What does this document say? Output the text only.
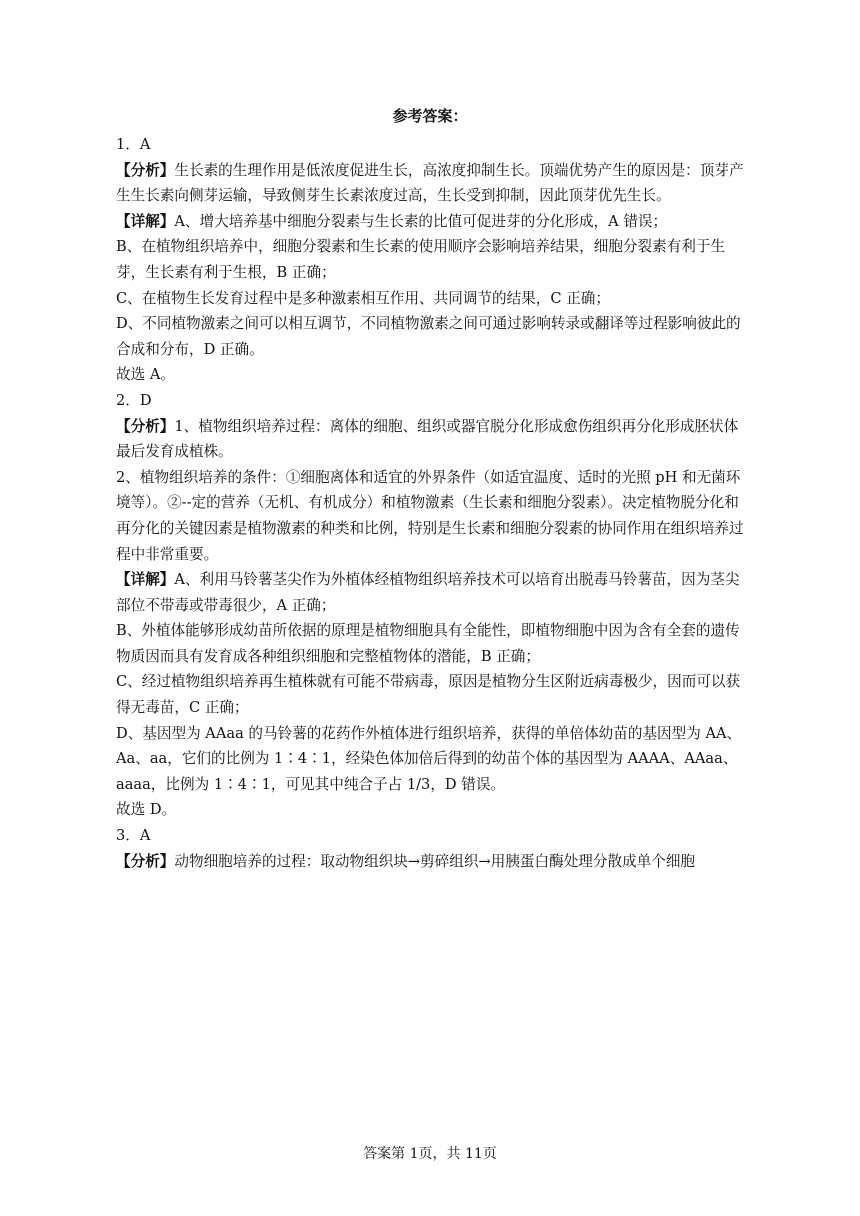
参考答案：

1．A

【分析】生长素的生理作用是低浓度促进生长，高浓度抑制生长。顶端优势产生的原因是：顶芽产生生长素向侧芽运输，导致侧芽生长素浓度过高，生长受到抑制，因此顶芽优先生长。

【详解】A、增大培养基中细胞分裂素与生长素的比值可促进芽的分化形成，A 错误；

B、在植物组织培养中，细胞分裂素和生长素的使用顺序会影响培养结果，细胞分裂素有利于生芽，生长素有利于生根，B 正确；

C、在植物生长发育过程中是多种激素相互作用、共同调节的结果，C 正确；

D、不同植物激素之间可以相互调节，不同植物激素之间可通过影响转录或翻译等过程影响彼此的合成和分布，D 正确。

故选 A。

2．D

【分析】1、植物组织培养过程：离体的细胞、组织或器官脱分化形成愈伤组织再分化形成胚状体最后发育成植株。

2、植物组织培养的条件：①细胞离体和适宜的外界条件（如适宜温度、适时的光照 pH 和无菌环境等）。②--定的营养（无机、有机成分）和植物激素（生长素和细胞分裂素）。决定植物脱分化和再分化的关键因素是植物激素的种类和比例，特别是生长素和细胞分裂素的协同作用在组织培养过程中非常重要。

【详解】A、利用马铃薯茎尖作为外植体经植物组织培养技术可以培育出脱毒马铃薯苗，因为茎尖部位不带毒或带毒很少，A 正确；

B、外植体能够形成幼苗所依据的原理是植物细胞具有全能性，即植物细胞中因为含有全套的遗传物质因而具有发育成各种组织细胞和完整植物体的潜能，B 正确；

C、经过植物组织培养再生植株就有可能不带病毒，原因是植物分生区附近病毒极少，因而可以获得无毒苗，C 正确；

D、基因型为 AAaa 的马铃薯的花药作外植体进行组织培养，获得的单倍体幼苗的基因型为 AA、Aa、aa，它们的比例为 1∶4∶1，经染色体加倍后得到的幼苗个体的基因型为 AAAA、AAaa、aaaa，比例为 1∶4∶1，可见其中纯合子占 1/3，D 错误。

故选 D。

3．A

【分析】动物细胞培养的过程：取动物组织块→剪碎组织→用胰蛋白酶处理分散成单个细胞

答案第 1页，共 11页
